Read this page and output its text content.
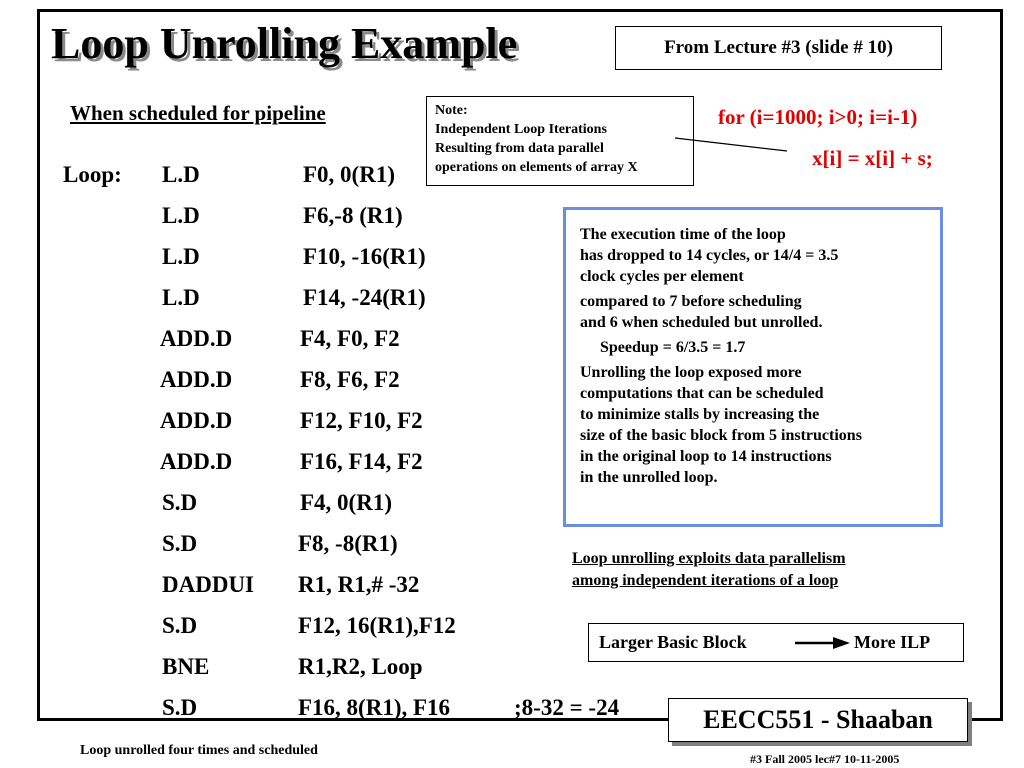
Loop Unrolling Example	From Lecture #3 (slide # 10)
When scheduled for pipeline	Note:
Independent Loop Iterations
Resulting from data parallel
operations on elements of array X
for (i=1000; i>0; i=i-1)
x[i] = x[i] + s;
Loop: L.D	F0, 0(R1)
L.D	F6,-8 (R1)
L.D	F10, -16(R1)
L.D	F14, -24(R1)
ADD.D	F4, F0, F2
ADD.D	F8, F6, F2
ADD.D	F12, F10, F2
ADD.D	F16, F14, F2
S.D	F4, 0(R1)
S.D	F8, -8(R1)
DADDUI R1, R1,# -32
S.D	F12, 16(R1),F12
BNE	R1,R2, Loop
S.D	F16, 8(R1), F16	;8-32 = -24
The execution time of the loop
has dropped to 14 cycles, or 14/4 = 3.5
clock cycles per element
compared to 7 before scheduling
and 6 when scheduled but unrolled.
Speedup = 6/3.5 = 1.7
Unrolling the loop exposed more
computations that can be scheduled
to minimize stalls by increasing the
size of the basic block from 5 instructions
in the original loop to 14 instructions
in the unrolled loop.
Loop unrolling exploits data parallelism
among independent iterations of a loop
Larger Basic Block	More ILP
EECC551 - Shaaban
Loop unrolled four times and scheduled
#3 Fall 2005 lec#7 10-11-2005
